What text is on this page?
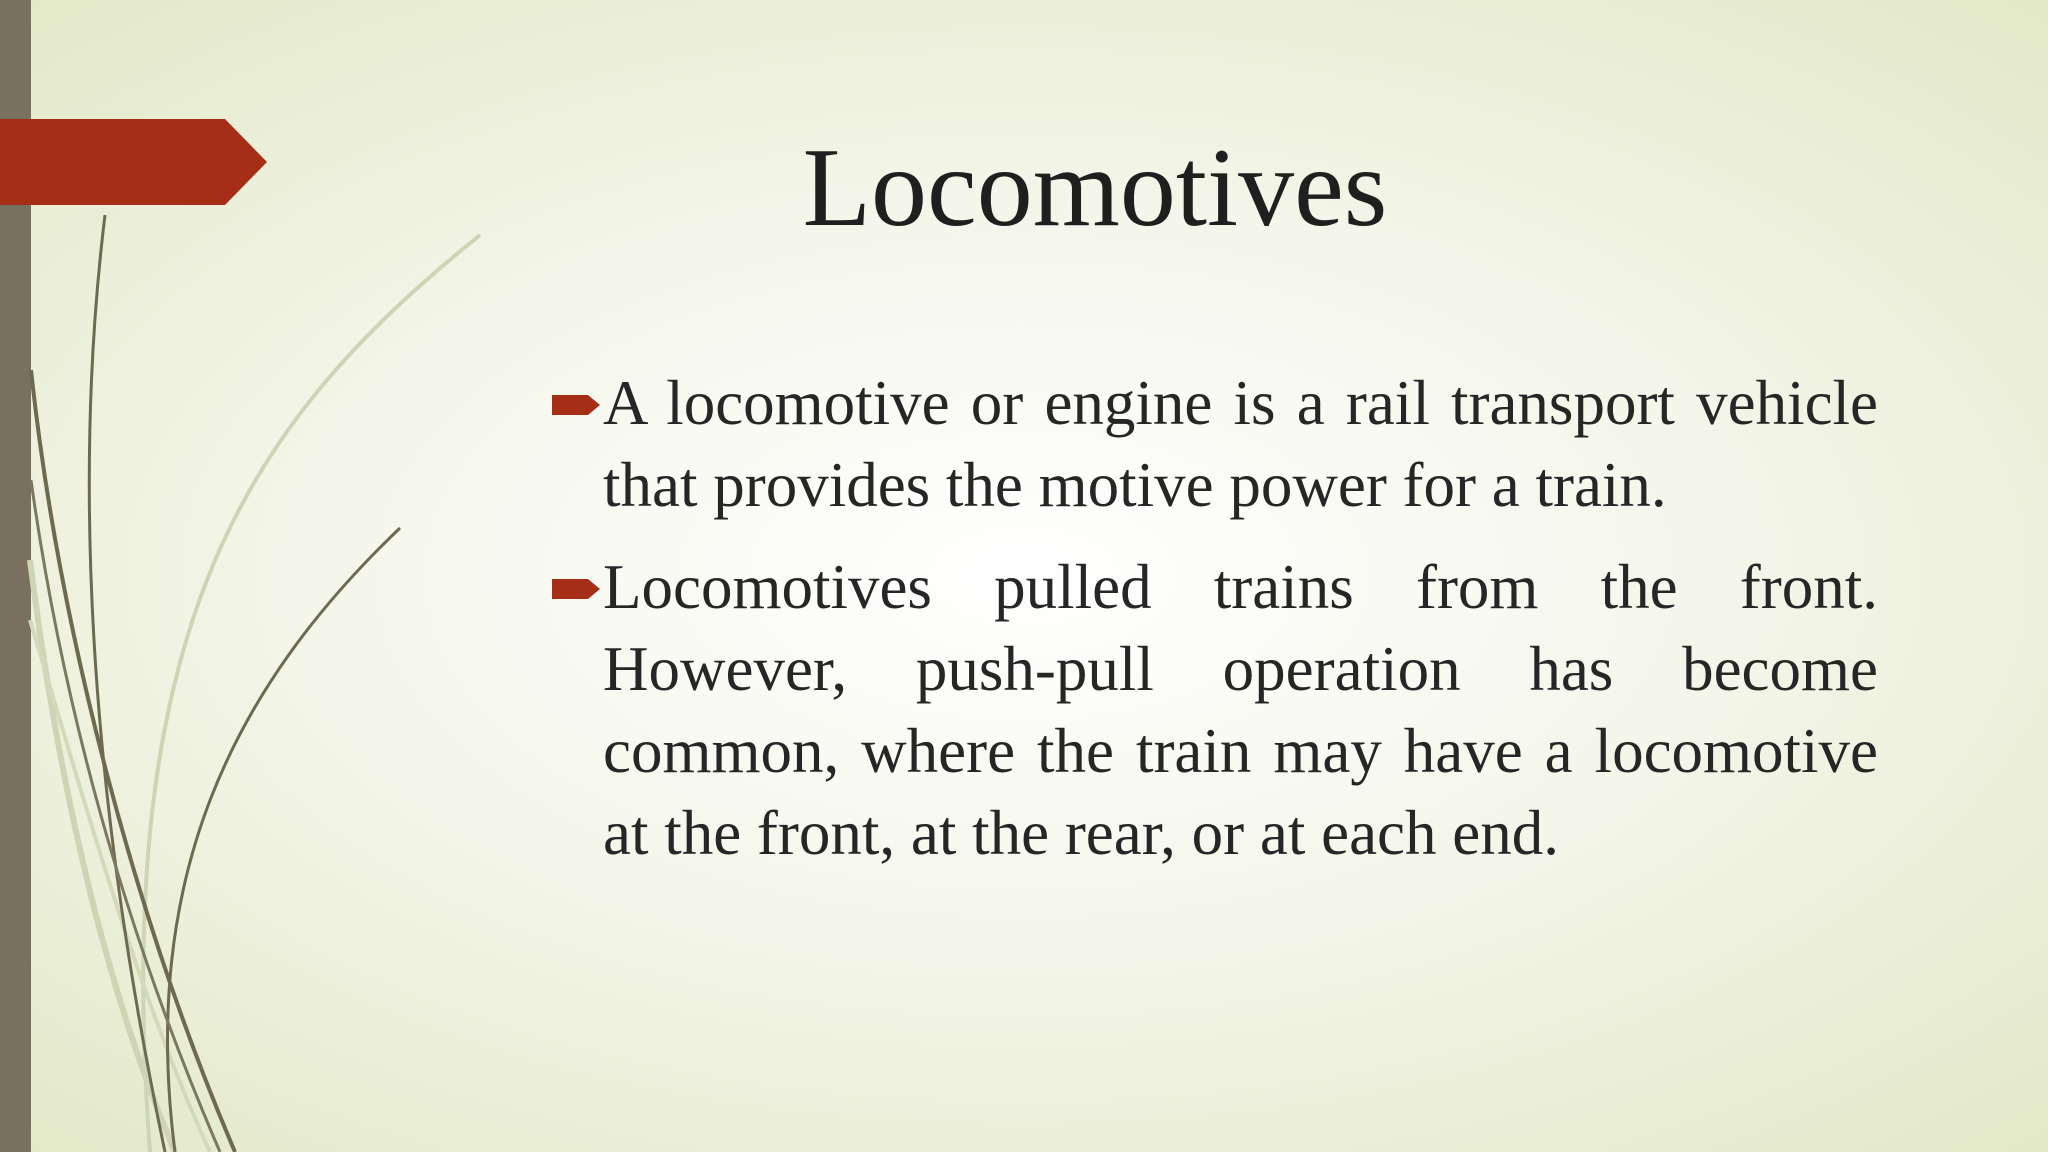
Locomotives
A locomotive or engine is a rail transport vehicle that provides the motive power for a train.
Locomotives pulled trains from the front. However, push-pull operation has become common, where the train may have a locomotive at the front, at the rear, or at each end.
